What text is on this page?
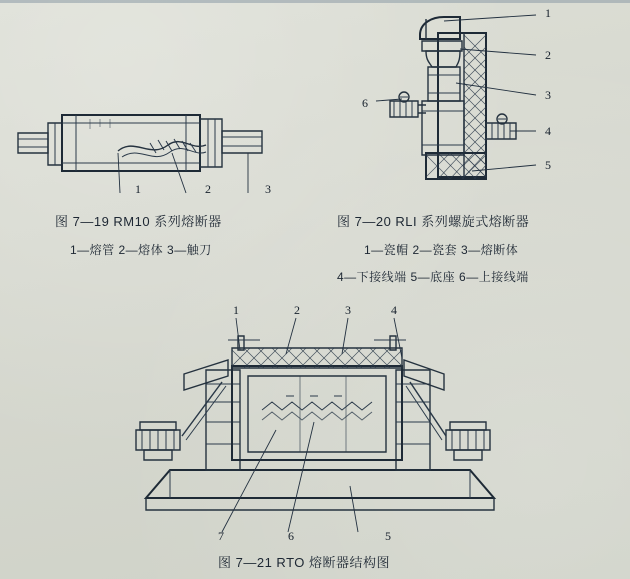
1	2	3
图 7—19 RM10 系列熔断器
1—熔管 2—熔体 3—触刀
1
2
3
4
5
6
图 7—20 RLI 系列螺旋式熔断器
1—瓷帽 2—瓷套 3—熔断体
4—下接线端 5—底座 6—上接线端
1	2	3	4
5
6
7
图 7—21 RTO 熔断器结构图
